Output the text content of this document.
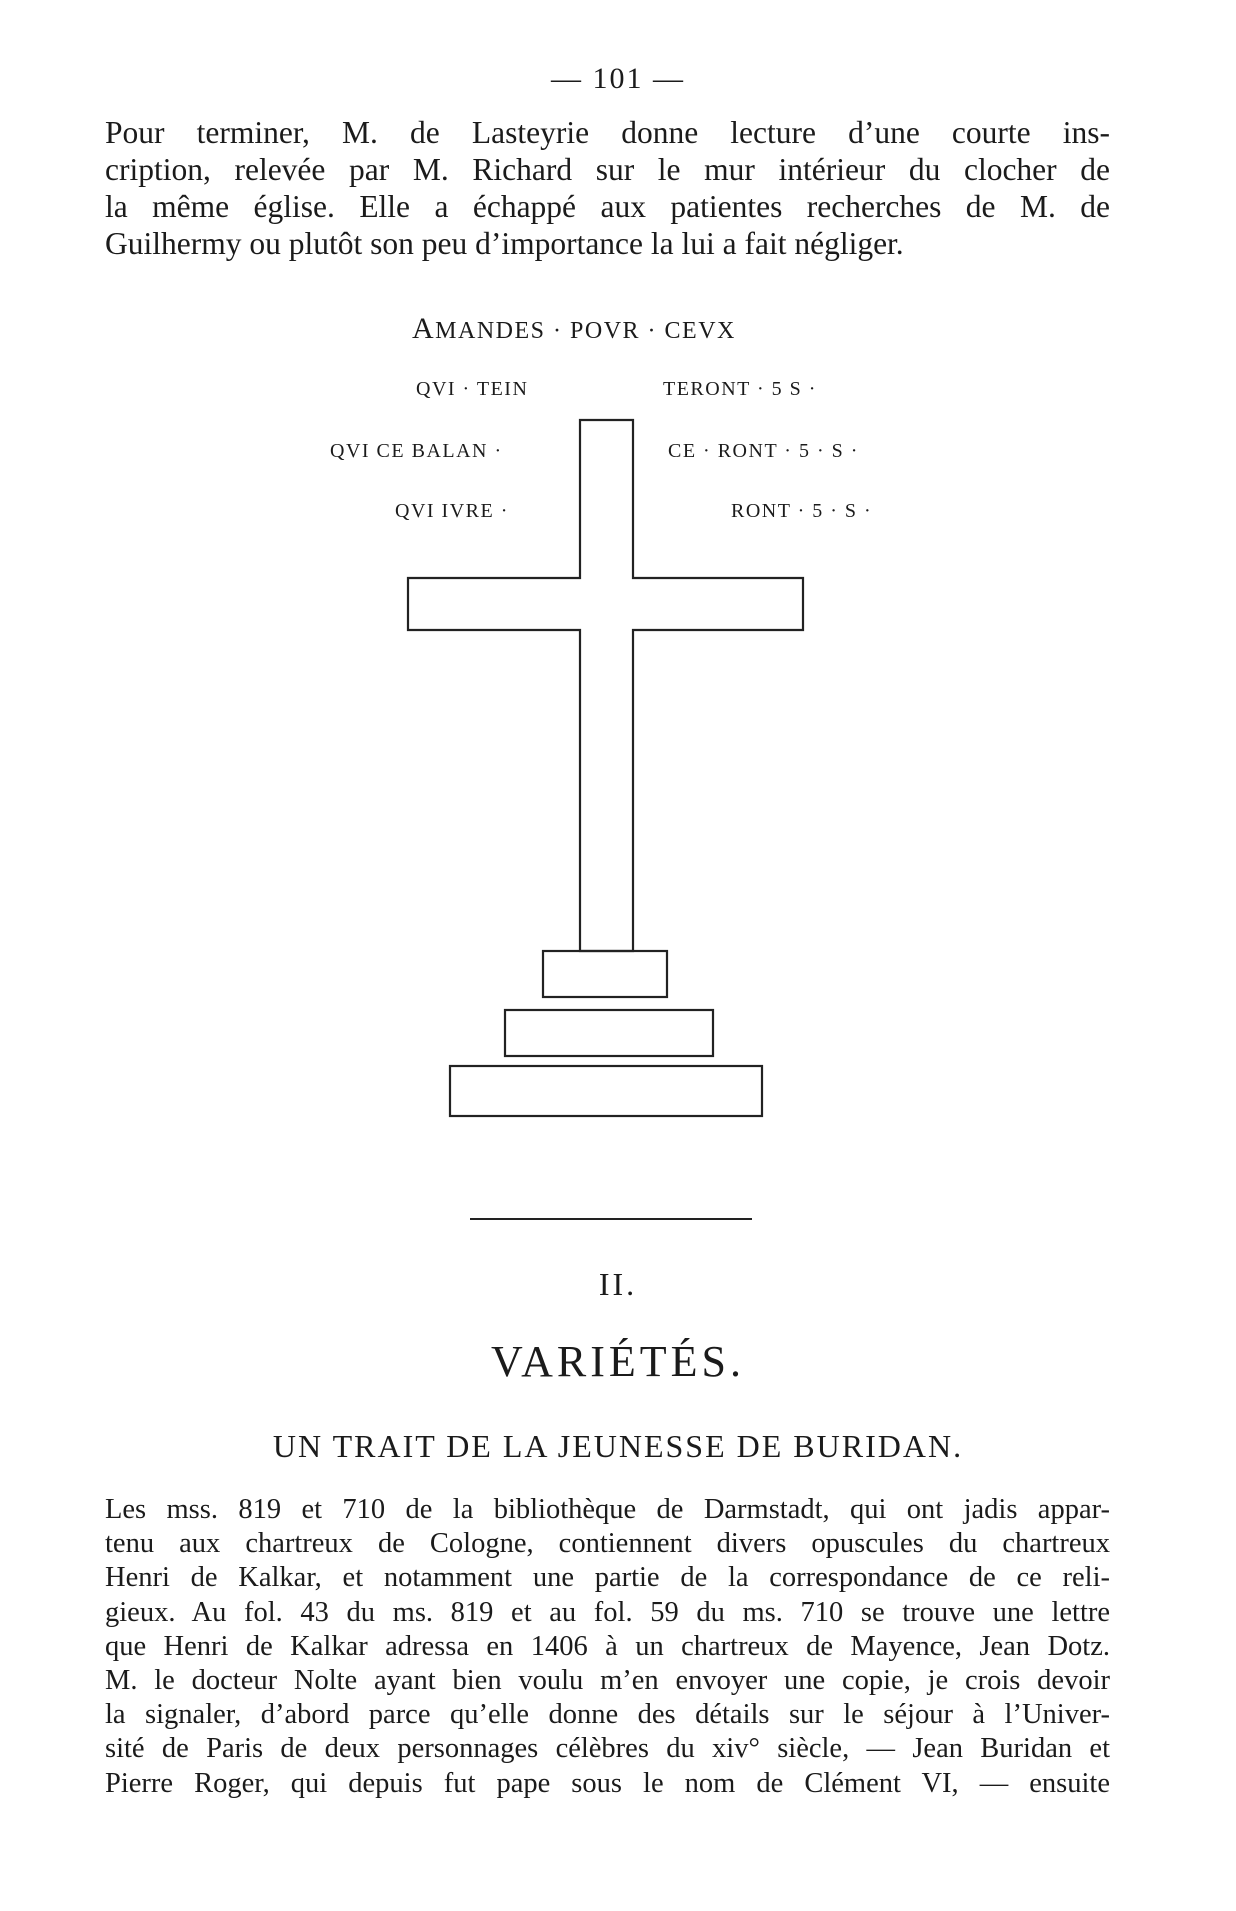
— 101 —
Pour terminer, M. de Lasteyrie donne lecture d’une courte ins-
cription, relevée par M. Richard sur le mur intérieur du clocher de
la même église. Elle a échappé aux patientes recherches de M. de
Guilhermy ou plutôt son peu d’importance la lui a fait négliger.
AMANDES · POVR · CEVX
QVI · TEIN
QVI CE BALAN ·
QVI IVRE ·
TERONT · 5 S ·
CE · RONT · 5 · S ·
RONT · 5 · S ·
II.
VARIÉTÉS.
UN TRAIT DE LA JEUNESSE DE BURIDAN.
Les mss. 819 et 710 de la bibliothèque de Darmstadt, qui ont jadis appar-
tenu aux chartreux de Cologne, contiennent divers opuscules du chartreux
Henri de Kalkar, et notamment une partie de la correspondance de ce reli-
gieux. Au fol. 43 du ms. 819 et au fol. 59 du ms. 710 se trouve une lettre
que Henri de Kalkar adressa en 1406 à un chartreux de Mayence, Jean Dotz.
M. le docteur Nolte ayant bien voulu m’en envoyer une copie, je crois devoir
la signaler, d’abord parce qu’elle donne des détails sur le séjour à l’Univer-
sité de Paris de deux personnages célèbres du xiv° siècle, — Jean Buridan et
Pierre Roger, qui depuis fut pape sous le nom de Clément VI, — ensuite
